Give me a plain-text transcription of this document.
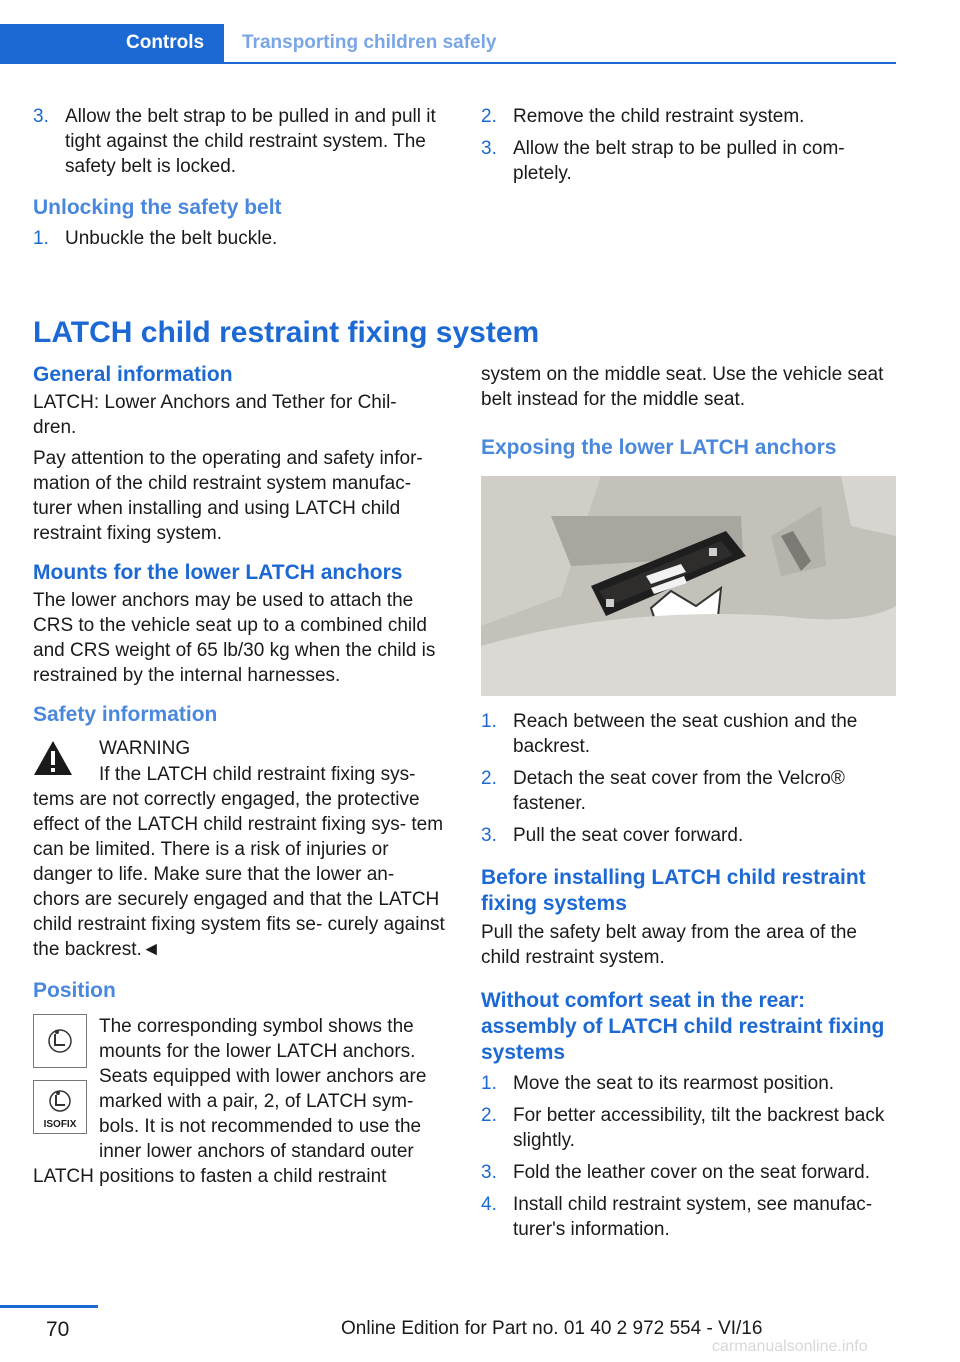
Controls	Transporting children safely
3. Allow the belt strap to be pulled in and pull it tight against the child restraint system. The safety belt is locked.
Unlocking the safety belt
1. Unbuckle the belt buckle.
2. Remove the child restraint system.
3. Allow the belt strap to be pulled in com‐ pletely.
LATCH child restraint fixing system
General information

LATCH: Lower Anchors and Tether for Chil‐ dren.

Pay attention to the operating and safety infor‐ mation of the child restraint system manufac‐ turer when installing and using LATCH child restraint fixing system.

Mounts for the lower LATCH anchors

The lower anchors may be used to attach the CRS to the vehicle seat up to a combined child and CRS weight of 65 lb/30 kg when the child is restrained by the internal harnesses.

Safety information

WARNING

If the LATCH child restraint fixing sys‐

tems are not correctly engaged, the protective effect of the LATCH child restraint fixing sys‐ tem can be limited. There is a risk of injuries or danger to life. Make sure that the lower an‐ chors are securely engaged and that the LATCH child restraint fixing system fits se‐ curely against the backrest.◄

Position
ISOFIX

The corresponding symbol shows the mounts for the lower LATCH anchors. Seats equipped with lower anchors are marked with a pair, 2, of LATCH sym‐ bols. It is not recommended to use the inner lower anchors of standard outer

LATCH positions to fasten a child restraint

system on the middle seat. Use the vehicle seat belt instead for the middle seat.

Exposing the lower LATCH anchors
1. Reach between the seat cushion and the backrest.
2. Detach the seat cover from the Velcro® fastener.
3. Pull the seat cover forward.
Before installing LATCH child restraint fixing systems

Pull the safety belt away from the area of the child restraint system.

Without comfort seat in the rear: assembly of LATCH child restraint fixing systems
1. Move the seat to its rearmost position.
2. For better accessibility, tilt the backrest back slightly.
3. Fold the leather cover on the seat forward.
4. Install child restraint system, see manufac‐ turer's information.
70	Online Edition for Part no. 01 40 2 972 554 - VI/16
carmanualsonline.info
